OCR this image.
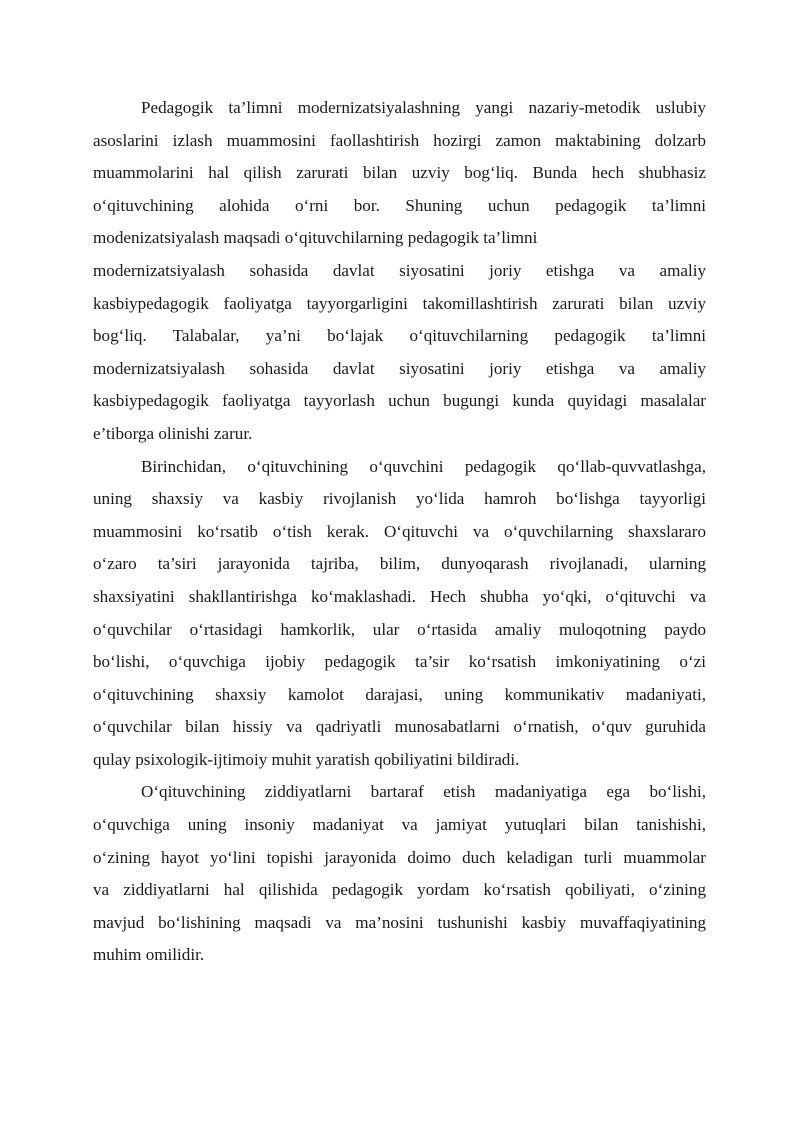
Pedagogik ta’limni modernizatsiyalashning yangi nazariy-metodik uslubiy
asoslarini izlash muammosini faollashtirish hozirgi zamon maktabining dolzarb
muammolarini hal qilish zarurati bilan uzviy bog‘liq. Bunda hech shubhasiz
o‘qituvchining alohida o‘rni bor. Shuning uchun pedagogik ta’limni
modenizatsiyalash maqsadi o‘qituvchilarning pedagogik ta’limni
modernizatsiyalash sohasida davlat siyosatini joriy etishga va amaliy
kasbiypedagogik faoliyatga tayyorgarligini takomillashtirish zarurati bilan uzviy
bog‘liq. Talabalar, ya’ni bo‘lajak o‘qituvchilarning pedagogik ta’limni
modernizatsiyalash sohasida davlat siyosatini joriy etishga va amaliy
kasbiypedagogik faoliyatga tayyorlash uchun bugungi kunda quyidagi masalalar
e’tiborga olinishi zarur.

Birinchidan, o‘qituvchining o‘quvchini pedagogik qo‘llab-quvvatlashga,
uning shaxsiy va kasbiy rivojlanish yo‘lida hamroh bo‘lishga tayyorligi
muammosini ko‘rsatib o‘tish kerak. O‘qituvchi va o‘quvchilarning shaxslararo
o‘zaro ta’siri jarayonida tajriba, bilim, dunyoqarash rivojlanadi, ularning
shaxsiyatini shakllantirishga ko‘maklashadi. Hech shubha yo‘qki, o‘qituvchi va
o‘quvchilar o‘rtasidagi hamkorlik, ular o‘rtasida amaliy muloqotning paydo
bo‘lishi, o‘quvchiga ijobiy pedagogik ta’sir ko‘rsatish imkoniyatining o‘zi
o‘qituvchining shaxsiy kamolot darajasi, uning kommunikativ madaniyati,
o‘quvchilar bilan hissiy va qadriyatli munosabatlarni o‘rnatish, o‘quv guruhida
qulay psixologik-ijtimoiy muhit yaratish qobiliyatini bildiradi.

O‘qituvchining ziddiyatlarni bartaraf etish madaniyatiga ega bo‘lishi,
o‘quvchiga uning insoniy madaniyat va jamiyat yutuqlari bilan tanishishi,
o‘zining hayot yo‘lini topishi jarayonida doimo duch keladigan turli muammolar
va ziddiyatlarni hal qilishida pedagogik yordam ko‘rsatish qobiliyati, o‘zining
mavjud bo‘lishining maqsadi va ma’nosini tushunishi kasbiy muvaffaqiyatining
muhim omilidir.
